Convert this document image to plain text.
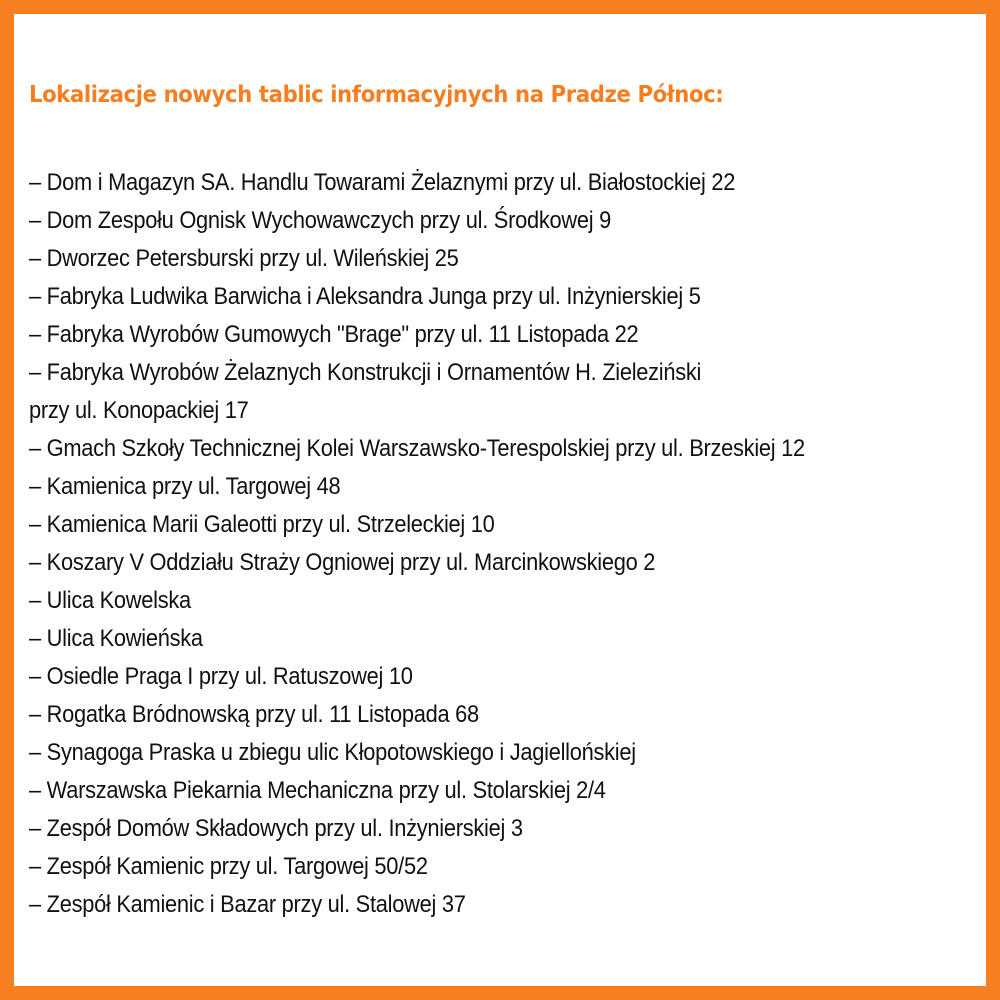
Lokalizacje nowych tablic informacyjnych na Pradze Północ:
– Dom i Magazyn SA. Handlu Towarami Żelaznymi przy ul. Białostockiej 22
– Dom Zespołu Ognisk Wychowawczych przy ul. Środkowej 9
– Dworzec Petersburski przy ul. Wileńskiej 25
– Fabryka Ludwika Barwicha i Aleksandra Junga przy ul. Inżynierskiej 5
– Fabryka Wyrobów Gumowych "Brage" przy ul. 11 Listopada 22
– Fabryka Wyrobów Żelaznych Konstrukcji i Ornamentów H. Zieleziński
przy ul. Konopackiej 17
– Gmach Szkoły Technicznej Kolei Warszawsko-Terespolskiej przy ul. Brzeskiej 12
– Kamienica przy ul. Targowej 48
– Kamienica Marii Galeotti przy ul. Strzeleckiej 10
– Koszary V Oddziału Straży Ogniowej przy ul. Marcinkowskiego 2
– Ulica Kowelska
– Ulica Kowieńska
– Osiedle Praga I przy ul. Ratuszowej 10
– Rogatka Bródnowską przy ul. 11 Listopada 68
– Synagoga Praska u zbiegu ulic Kłopotowskiego i Jagiellońskiej
– Warszawska Piekarnia Mechaniczna przy ul. Stolarskiej 2/4
– Zespół Domów Składowych przy ul. Inżynierskiej 3
– Zespół Kamienic przy ul. Targowej 50/52
– Zespół Kamienic i Bazar przy ul. Stalowej 37
